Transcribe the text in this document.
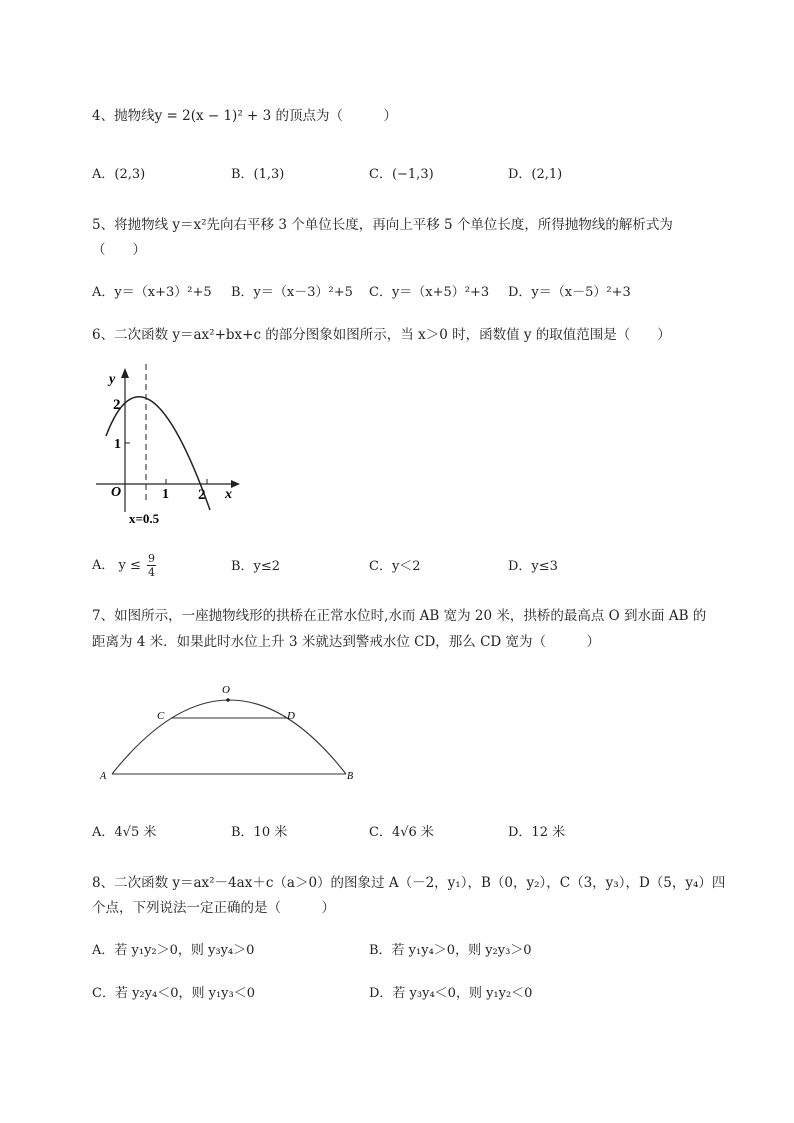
4、抛物线y = 2(x − 1)² + 3 的顶点为（　　　）
A．(2,3)	B．(1,3)	C．(−1,3)	D．(2,1)
5、将抛物线 y＝x²先向右平移 3 个单位长度，再向上平移 5 个单位长度，所得抛物线的解析式为
（　　）
A．y＝（x+3）²+5 B．y＝（x－3）²+5 C．y＝（x+5）²+3 D．y＝（x－5）²+3
6、二次函数 y＝ax²+bx+c 的部分图象如图所示，当 x＞0 时，函数值 y 的取值范围是（　　）
y
x
O
2
1
1 2
x=0.5
A． $y \le \frac{9}{4}$	B．y≤2	C．y＜2	D．y≤3
7、如图所示，一座抛物线形的拱桥在正常水位时,水而 AB 宽为 20 米，拱桥的最高点 O 到水面 AB 的
距离为 4 米．如果此时水位上升 3 米就达到警戒水位 CD，那么 CD 宽为（　　　）
O
C	D
A	B
A．4√5 米	B．10 米	C．4√6 米	D．12 米
8、二次函数 y＝ax²－4ax＋c（a＞0）的图象过 A（－2，y₁），B（0，y₂），C（3，y₃），D（5，y₄）四
个点，下列说法一定正确的是（　　　）
A．若 y₁y₂＞0，则 y₃y₄＞0	B．若 y₁y₄＞0，则 y₂y₃＞0
C．若 y₂y₄＜0，则 y₁y₃＜0	D．若 y₃y₄＜0，则 y₁y₂＜0
